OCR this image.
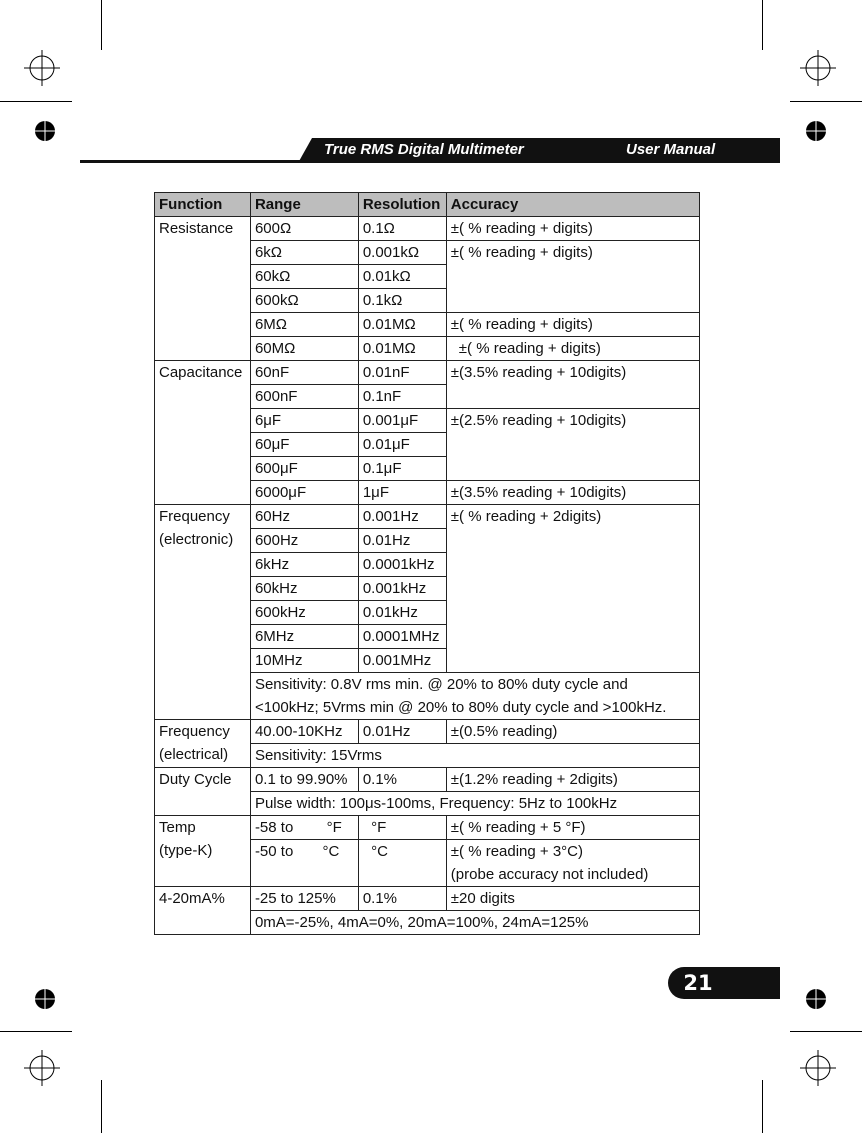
True RMS Digital Multimeter	User Manual
Function	Range	Resolution	Accuracy
Resistance	600Ω	0.1Ω	±( % reading + digits)
	6kΩ	0.001kΩ	±( % reading + digits)
	60kΩ	0.01kΩ	
	600kΩ	0.1kΩ	
	6MΩ	0.01MΩ	±( % reading + digits)
	60MΩ	0.01MΩ	±( % reading + digits)
Capacitance	60nF	0.01nF	±(3.5% reading + 10digits)
	600nF	0.1nF	
	6μF	0.001μF	±(2.5% reading + 10digits)
	60μF	0.01μF	
	600μF	0.1μF	
	6000μF	1μF	±(3.5% reading + 10digits)

Frequency
(electronic)	60Hz	0.001Hz	±( % reading + 2digits)
	600Hz	0.01Hz	
	6kHz	0.0001kHz	
	60kHz	0.001kHz	
	600kHz	0.01kHz	
	6MHz	0.0001MHz	
	10MHz	0.001MHz	
	Sensitivity: 0.8V rms min. @ 20% to 80% duty cycle and <100kHz; 5Vrms min @ 20% to 80% duty cycle and >100kHz.		

Frequency
(electrical)	40.00-10KHz	0.01Hz	±(0.5% reading)
	Sensitivity: 15Vrms		
Duty Cycle	0.1 to 99.90%	0.1%	±(1.2% reading + 2digits)
	Pulse width: 100μs-100ms, Frequency: 5Hz to 100kHz		

Temp
(type-K)	-58 to        °F	°F	±( % reading + 5 °F)
	-50 to       °C	°C	±( % reading + 3°C)
(probe accuracy not included)

4-20mA%	-25 to 125%	0.1%	±20 digits
	0mA=-25%, 4mA=0%, 20mA=100%, 24mA=125%		
21
